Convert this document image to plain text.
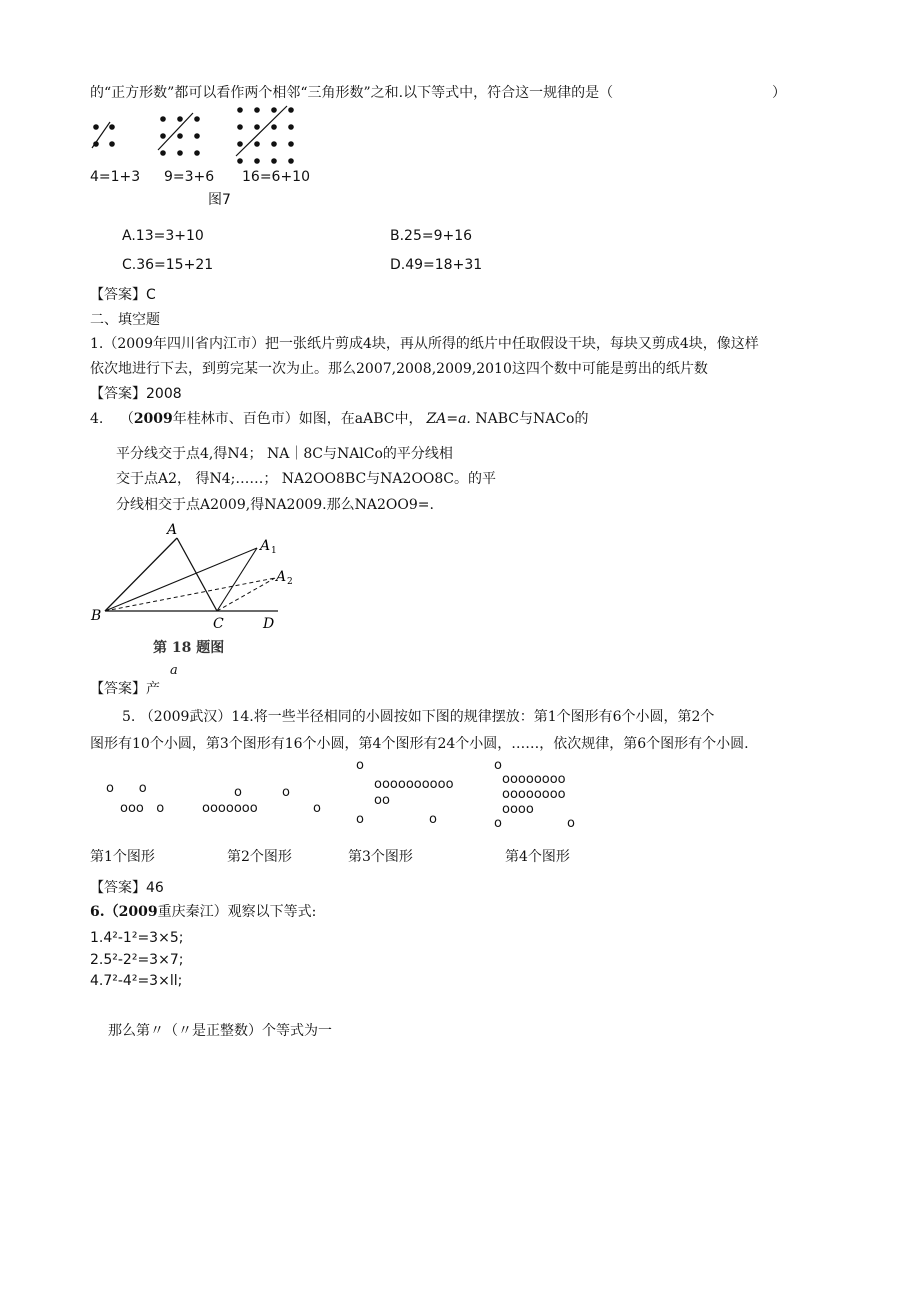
的“正方形数”都可以看作两个相邻“三角形数”之和.以下等式中，符合这一规律的是（	）
4=1+3 9=3+6 16=6+10
图7
A.13=3+10	B.25=9+16
C.36=15+21	D.49=18+31
【答案】C
二、填空题
1.（2009年四川省内江市）把一张纸片剪成4块，再从所得的纸片中任取假设干块，每块又剪成4块，像这样
依次地进行下去，到剪完某一次为止。那么2007,2008,2009,2010这四个数中可能是剪出的纸片数
【答案】2008
4. （2009年桂林市、百色市）如图，在aABC中， ZA=a. NABC与NACo的
平分线交于点4,得N4； NA｜8C与NAlCo的平分线相
交于点A2， 得N4;……； NA2OO8BC与NA2OO8C。的平
分线相交于点A2009,得NA2009.那么NA2OO9=.
A
A 1
A 2
B	C	D
第 18 题图
a
【答案】产
5. （2009武汉）14.将一些半径相同的小圆按如下图的规律摆放：第1个图形有6个小圆，第2个
图形有10个小圆，第3个图形有16个小圆，第4个图形有24个小圆，……，依次规律，第6个图形有个小圆.
o      o
ooo   o
o	o
ooooooo	o
o
oooooooooo
oo
o	o
o
oooooooo
oooooooo
oooo
o	o
第1个图形	第2个图形	第3个图形	第4个图形
【答案】46
6.（2009重庆秦江）观察以下等式:
1.4²-1²=3×5;
2.5²-2²=3×7;
4.7²-4²=3×ll;
那么第〃（〃是正整数）个等式为一
